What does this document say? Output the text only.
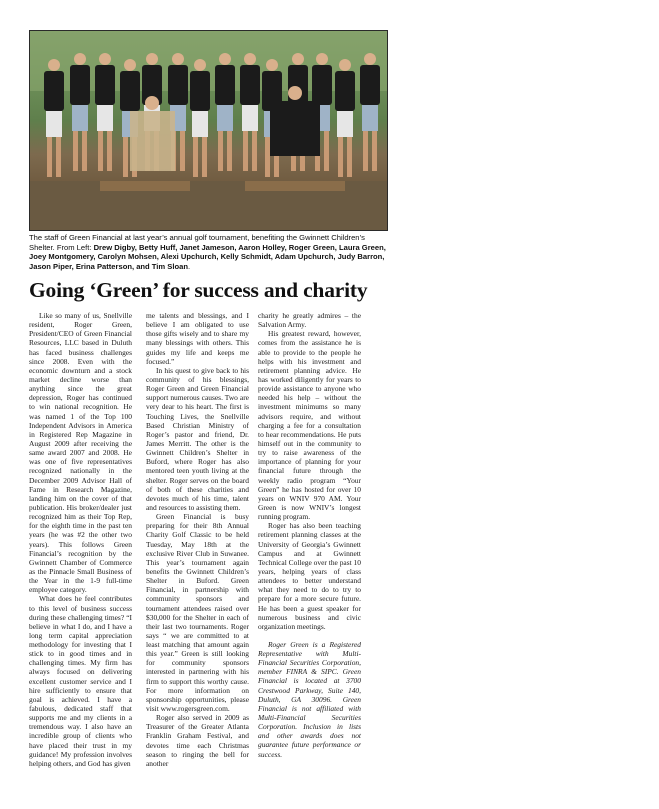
The staff of Green Financial at last year’s annual golf tournament, benefiting the Gwinnett Children’s Shelter. From Left: Drew Digby, Betty Huff, Janet Jameson, Aaron Holley, Roger Green, Laura Green, Joey Montgomery, Carolyn Mohsen, Alexi Upchurch, Kelly Schmidt, Adam Upchurch, Judy Barron, Jason Piper, Erina Patterson, and Tim Sloan.
Going ‘Green’ for success and charity

Like so many of us, Snellville resident, Roger Green, President/CEO of Green Financial Resources, LLC based in Duluth has faced business challenges since 2008. Even with the economic downturn and a stock market decline worse than anything since the great depression, Roger has continued to win national recognition. He was named 1 of the Top 100 Independent Advisors in America in Registered Rep Magazine in August 2009 after receiving the same award 2007 and 2008. He was one of five representatives recognized nationally in the December 2009 Advisor Hall of Fame in Research Magazine, landing him on the cover of that publication. His broker/dealer just recognized him as their Top Rep, for the eighth time in the past ten years (he was #2 the other two years). This follows Green Financial’s recognition by the Gwinnett Chamber of Commerce as the Pinnacle Small Business of the Year in the 1-9 full-time employee category.

What does he feel contributes to this level of business success during these challenging times? “I believe in what I do, and I have a long term capital appreciation methodology for investing that I stick to in good times and in challenging times. My firm has always focused on delivering excellent customer service and I hire sufficiently to ensure that goal is achieved. I have a fabulous, dedicated staff that supports me and my clients in a tremendous way. I also have an incredible group of clients who have placed their trust in my guidance! My profession involves helping others, and God has given

me talents and blessings, and I believe I am obligated to use those gifts wisely and to share my many blessings with others. This guides my life and keeps me focused.”

In his quest to give back to his community of his blessings, Roger Green and Green Financial support numerous causes. Two are very dear to his heart. The first is Touching Lives, the Snellville Based Christian Ministry of Roger’s pastor and friend, Dr. James Merritt. The other is the Gwinnett Children’s Shelter in Buford, where Roger has also mentored teen youth living at the shelter. Roger serves on the board of both of these charities and devotes much of his time, talent and resources to assisting them.

Green Financial is busy preparing for their 8th Annual Charity Golf Classic to be held Tuesday, May 18th at the exclusive River Club in Suwanee. This year’s tournament again benefits the Gwinnett Children’s Shelter in Buford. Green Financial, in partnership with community sponsors and tournament attendees raised over $30,000 for the Shelter in each of their last two tournaments. Roger says “ we are committed to at least matching that amount again this year.” Green is still looking for community sponsors interested in partnering with his firm to support this worthy cause. For more information on sponsorship opportunities, please visit www.rogersgreen.com.

Roger also served in 2009 as Treasurer of the Greater Atlanta Franklin Graham Festival, and devotes time each Christmas season to ringing the bell for another

charity he greatly admires – the Salvation Army.

His greatest reward, however, comes from the assistance he is able to provide to the people he helps with his investment and retirement planning advice. He has worked diligently for years to provide assistance to anyone who needed his help – without the investment minimums so many advisors require, and without charging a fee for a consultation to hear recommendations. He puts himself out in the community to try to raise awareness of the importance of planning for your financial future through the weekly radio program “Your Green” he has hosted for over 10 years on WNIV 970 AM. Your Green is now WNIV’s longest running program.

Roger has also been teaching retirement planning classes at the University of Georgia’s Gwinnett Campus and at Gwinnett Technical College over the past 10 years, helping years of class attendees to better understand what they need to do to try to prepare for a more secure future. He has been a guest speaker for numerous business and civic organization meetings.

Roger Green is a Registered Representative with Multi-Financial Securities Corporation, member FINRA & SIPC. Green Financial is located at 3700 Crestwood Parkway, Suite 140, Duluth, GA 30096. Green Financial is not affiliated with Multi-Financial Securities Corporation. Inclusion in lists and other awards does not guarantee future performance or success.
